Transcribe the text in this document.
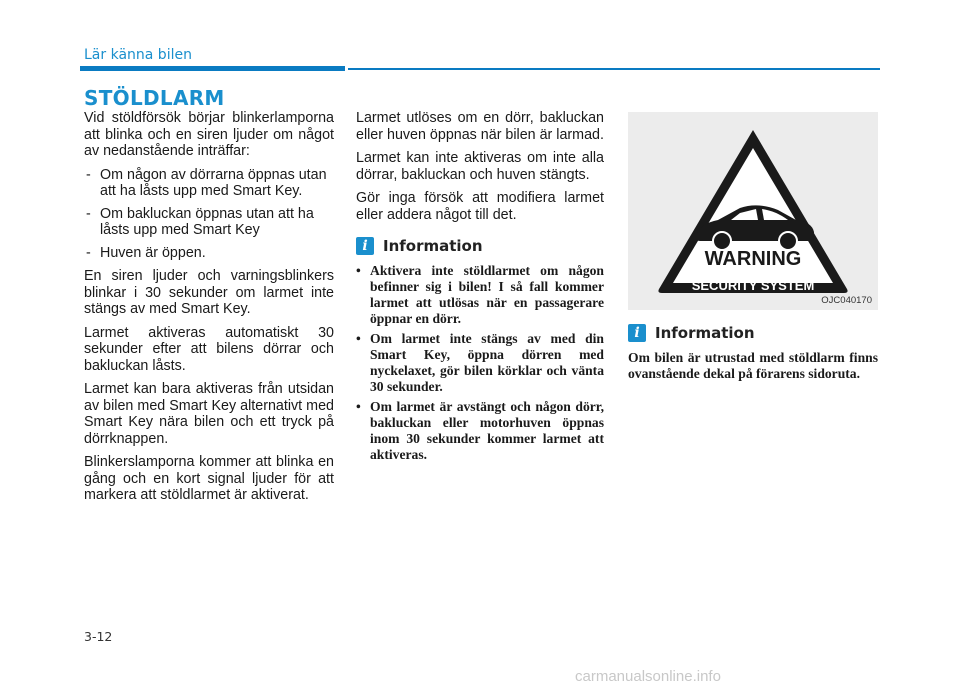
Lär känna bilen
STÖLDLARM

Vid stöldförsök börjar blinkerlamporna att blinka och en siren ljuder om något av nedanstående inträffar:

- Om någon av dörrarna öppnas utan att ha låsts upp med Smart Key.
- Om bakluckan öppnas utan att ha låsts upp med Smart Key
- Huven är öppen.

En siren ljuder och varningsblinkers blinkar i 30 sekunder om larmet inte stängs av med Smart Key.

Larmet aktiveras automatiskt 30 sekunder efter att bilens dörrar och bakluckan låsts.

Larmet kan bara aktiveras från utsidan av bilen med Smart Key alternativt med Smart Key nära bilen och ett tryck på dörrknappen.

Blinkerslamporna kommer att blinka en gång och en kort signal ljuder för att markera att stöldlarmet är aktiverat.

Larmet utlöses om en dörr, bakluckan eller huven öppnas när bilen är larmad.

Larmet kan inte aktiveras om inte alla dörrar, bakluckan och huven stängts.

Gör inga försök att modifiera larmet eller addera något till det.

i	Information
• Aktivera inte stöldlarmet om någon befinner sig i bilen! I så fall kommer larmet att utlösas när en passagerare öppnar en dörr.
• Om larmet inte stängs av med din Smart Key, öppna dörren med nyckelaxet, gör bilen körklar och vänta 30 sekunder.
• Om larmet är avstängt och någon dörr, bakluckan eller motorhuven öppnas inom 30 sekunder kommer larmet att aktiveras.
WARNING
SECURITY SYSTEM
OJC040170
i	Information

Om bilen är utrustad med stöldlarm finns ovanstående dekal på förarens sidoruta.

3-12
carmanualsonline.info
